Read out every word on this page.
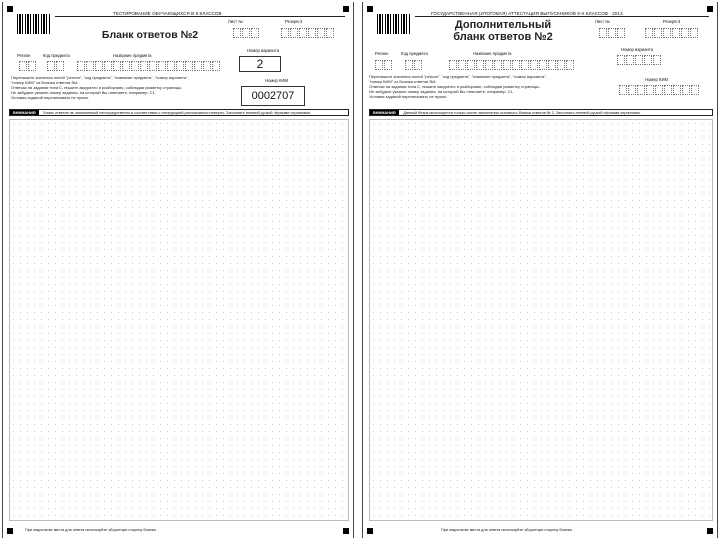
ТЕСТИРОВАНИЕ ОБУЧАЮЩИХСЯ В 9 КЛАССОВ
Бланк ответов №2
Лист №	Резерв-3
Регион	Код предмета	Название предмета
Номер варианта
2
Номер КИМ
0002707
Перепишите значения полей "регион", "код предмета", "название предмета", "номер варианта",
"номер КИМ" из Бланка ответов №1.
Отвечая на задания типа С, пишите аккуратно и разборчиво, соблюдая разметку страницы.
Не забудьте указать номер задания, на который Вы отвечаете, например: С1.
Условия заданий переписывать не нужно.
ВНИМАНИЕ!	Бланк ответов не заполненный непосредственно в соответствии с инструкцией распознается неверно. Заполнять гелевой ручкой чёрными чернилами
При недостатке места для ответа используйте оборотную сторону бланка.
ГОСУДАРСТВЕННАЯ (ИТОГОВАЯ) АТТЕСТАЦИЯ ВЫПУСКНИКОВ 9-Х КЛАССОВ · 2013
Дополнительный
бланк ответов №2
Лист №	Резерв-3
Регион	Код предмета	Название предмета
Номер варианта
Номер КИМ
Перепишите значения полей "регион", "код предмета", "название предмета", "номер варианта",
"номер КИМ" из Бланка ответов №1.
Отвечая на задания типа С, пишите аккуратно и разборчиво, соблюдая разметку страницы.
Не забудьте указать номер задания, на который Вы отвечаете, например: С1.
Условия заданий переписывать не нужно.
ВНИМАНИЕ!	Данный бланк используется только после заполнения основного бланка ответов № 2. Заполнять гелевой ручкой чёрными чернилами.
При недостатке места для ответа используйте оборотную сторону бланка.
